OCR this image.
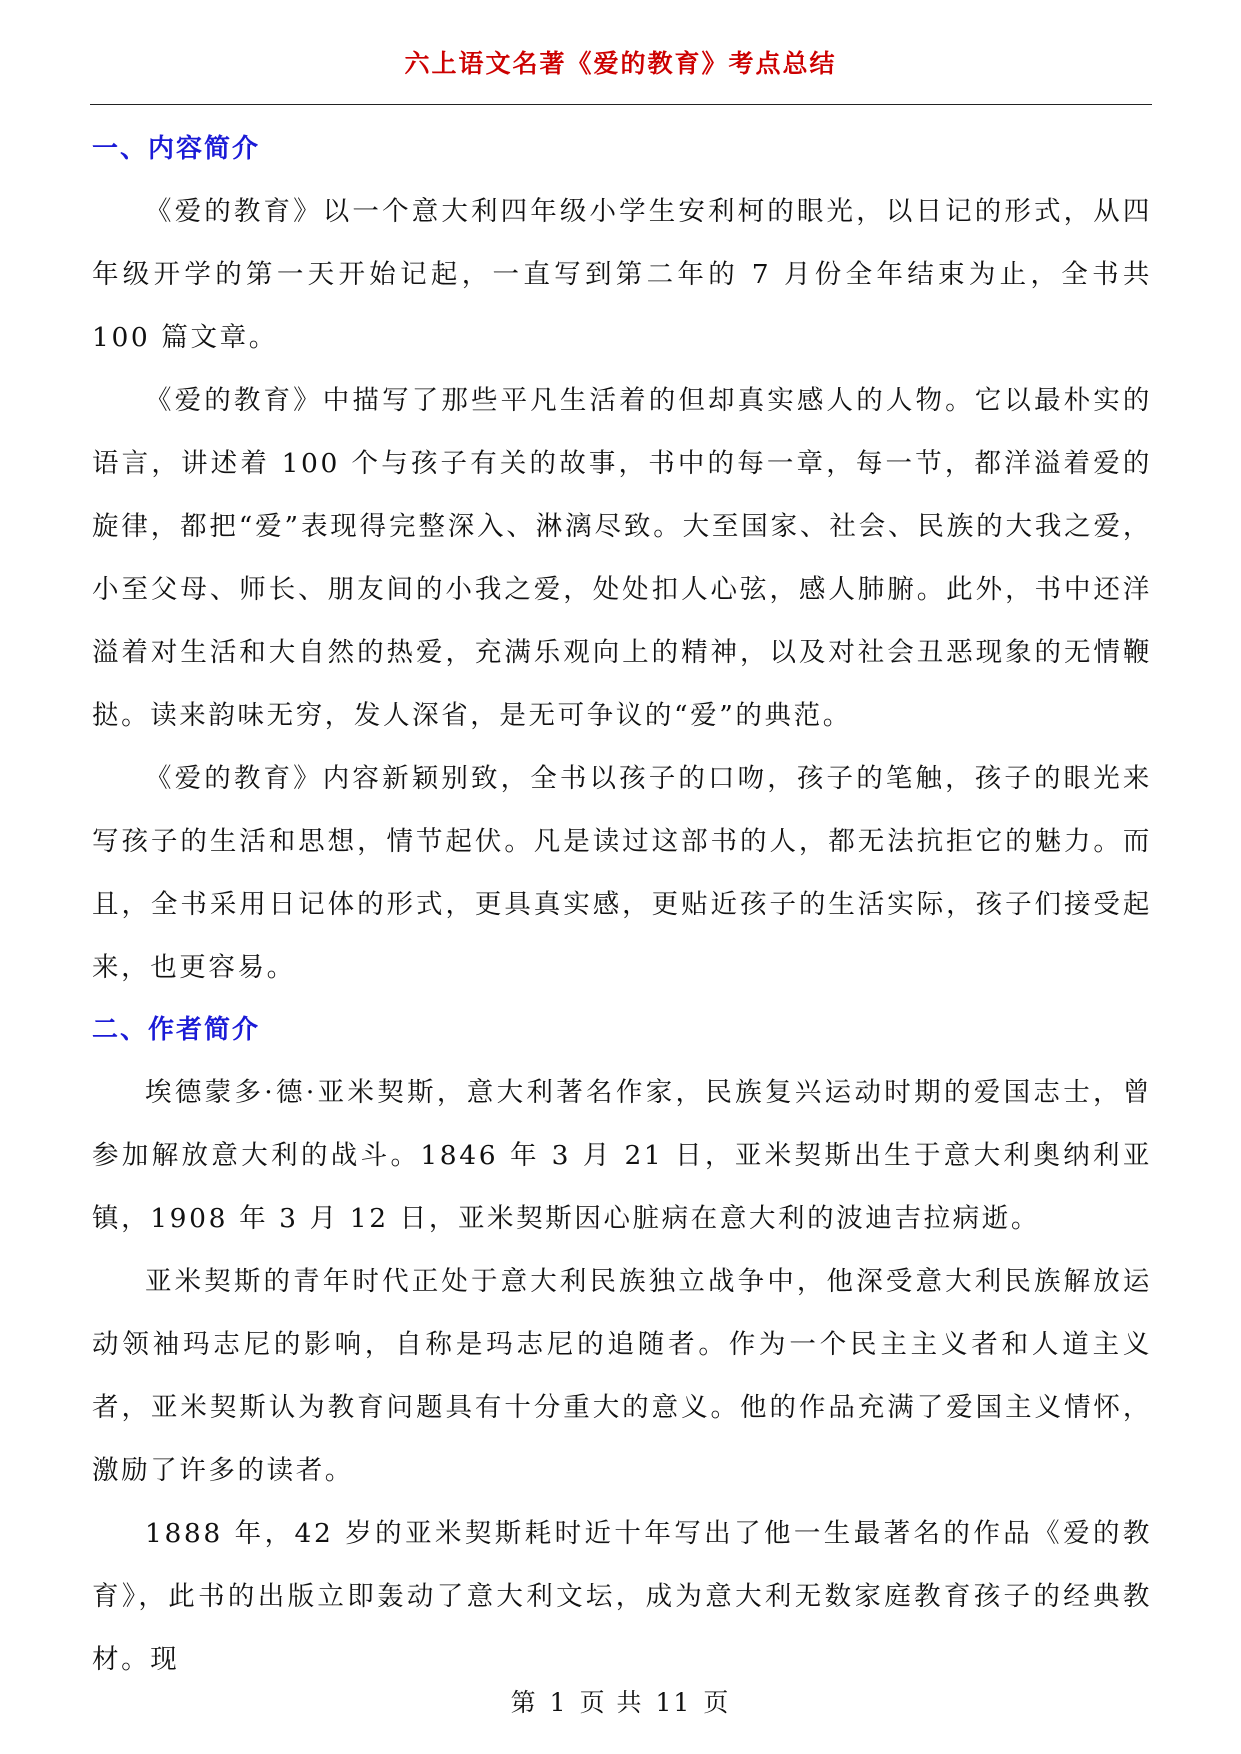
六上语文名著《爱的教育》考点总结
一、内容简介

《爱的教育》以一个意大利四年级小学生安利柯的眼光，以日记的形式，从四年级开学的第一天开始记起，一直写到第二年的 7 月份全年结束为止，全书共 100 篇文章。

《爱的教育》中描写了那些平凡生活着的但却真实感人的人物。它以最朴实的语言，讲述着 100 个与孩子有关的故事，书中的每一章，每一节，都洋溢着爱的旋律，都把“爱”表现得完整深入、淋漓尽致。大至国家、社会、民族的大我之爱，小至父母、师长、朋友间的小我之爱，处处扣人心弦，感人肺腑。此外，书中还洋溢着对生活和大自然的热爱，充满乐观向上的精神，以及对社会丑恶现象的无情鞭挞。读来韵味无穷，发人深省，是无可争议的“爱”的典范。

《爱的教育》内容新颖别致，全书以孩子的口吻，孩子的笔触，孩子的眼光来写孩子的生活和思想，情节起伏。凡是读过这部书的人，都无法抗拒它的魅力。而且，全书采用日记体的形式，更具真实感，更贴近孩子的生活实际，孩子们接受起来，也更容易。

二、作者简介

埃德蒙多·德·亚米契斯，意大利著名作家，民族复兴运动时期的爱国志士，曾参加解放意大利的战斗。1846 年 3 月 21 日，亚米契斯出生于意大利奥纳利亚镇，1908 年 3 月 12 日，亚米契斯因心脏病在意大利的波迪吉拉病逝。

亚米契斯的青年时代正处于意大利民族独立战争中，他深受意大利民族解放运动领袖玛志尼的影响，自称是玛志尼的追随者。作为一个民主主义者和人道主义者，亚米契斯认为教育问题具有十分重大的意义。他的作品充满了爱国主义情怀，激励了许多的读者。

1888 年，42 岁的亚米契斯耗时近十年写出了他一生最著名的作品《爱的教育》，此书的出版立即轰动了意大利文坛，成为意大利无数家庭教育孩子的经典教材。现

第 1 页 共 11 页
